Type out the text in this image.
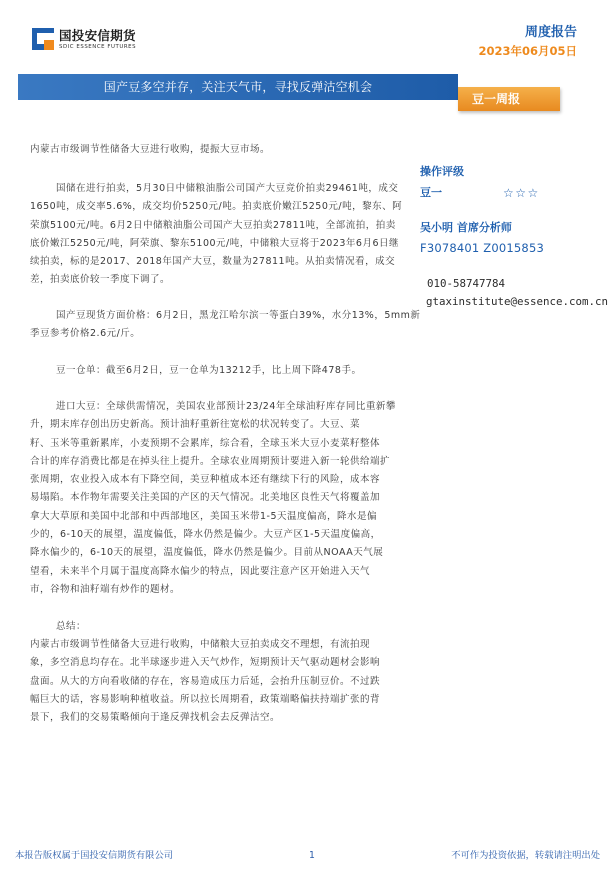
国投安信期货
SDIC ESSENCE FUTURES
周度报告
2023年06月05日
国产豆多空并存，关注天气市，寻找反弹沽空机会
豆一周报
内蒙古市级调节性储备大豆进行收购，提振大豆市场。
国储在进行拍卖，5月30日中储粮油脂公司国产大豆竞价拍卖29461吨，成交
1650吨，成交率5.6%，成交均价5250元/吨。拍卖底价嫩江5250元/吨，黎东、阿
荣旗5100元/吨。6月2日中储粮油脂公司国产大豆拍卖27811吨，全部流拍，拍卖
底价嫩江5250元/吨，阿荣旗、黎东5100元/吨，中储粮大豆将于2023年6月6日继
续拍卖，标的是2017、2018年国产大豆，数量为27811吨。从拍卖情况看，成交
差，拍卖底价较一季度下调了。
国产豆现货方面价格：6月2日，黑龙江哈尔滨一等蛋白39%，水分13%，5mm新
季豆参考价格2.6元/斤。
豆一仓单：截至6月2日，豆一仓单为13212手，比上周下降478手。
进口大豆：全球供需情况，美国农业部预计23/24年全球油籽库存同比重新攀
升，期末库存创出历史新高。预计油籽重新往宽松的状况转变了。大豆、菜
籽、玉米等重新累库，小麦预期不会累库，综合看，全球玉米大豆小麦菜籽整体
合计的库存消费比都是在掉头往上提升。全球农业周期预计要进入新一轮供给端扩
张周期，农业投入成本有下降空间，美豆种植成本还有继续下行的风险，成本容
易塌陷。本作物年需要关注美国的产区的天气情况。北美地区良性天气将覆盖加
拿大大草原和美国中北部和中西部地区，美国玉米带1-5天温度偏高，降水是偏
少的，6-10天的展望，温度偏低，降水仍然是偏少。大豆产区1-5天温度偏高，
降水偏少的，6-10天的展望，温度偏低，降水仍然是偏少。目前从NOAA天气展
望看，未来半个月属于温度高降水偏少的特点，因此要注意产区开始进入天气
市，谷物和油籽端有炒作的题材。
总结：
内蒙古市级调节性储备大豆进行收购，中储粮大豆拍卖成交不理想，有流拍现
象，多空消息均存在。北半球逐步进入天气炒作，短期预计天气驱动题材会影响
盘面。从大的方向看收储的存在，容易造成压力后延，会抬升压制豆价。不过跌
幅巨大的话，容易影响种植收益。所以拉长周期看，政策端略偏扶持端扩张的背
景下，我们的交易策略倾向于逢反弹找机会去反弹沽空。
操作评级
豆一	☆☆☆
吴小明 首席分析师
F3078401 Z0015853
010-58747784
gtaxinstitute@essence.com.cn
本报告版权属于国投安信期货有限公司	1	不可作为投资依据，转载请注明出处
